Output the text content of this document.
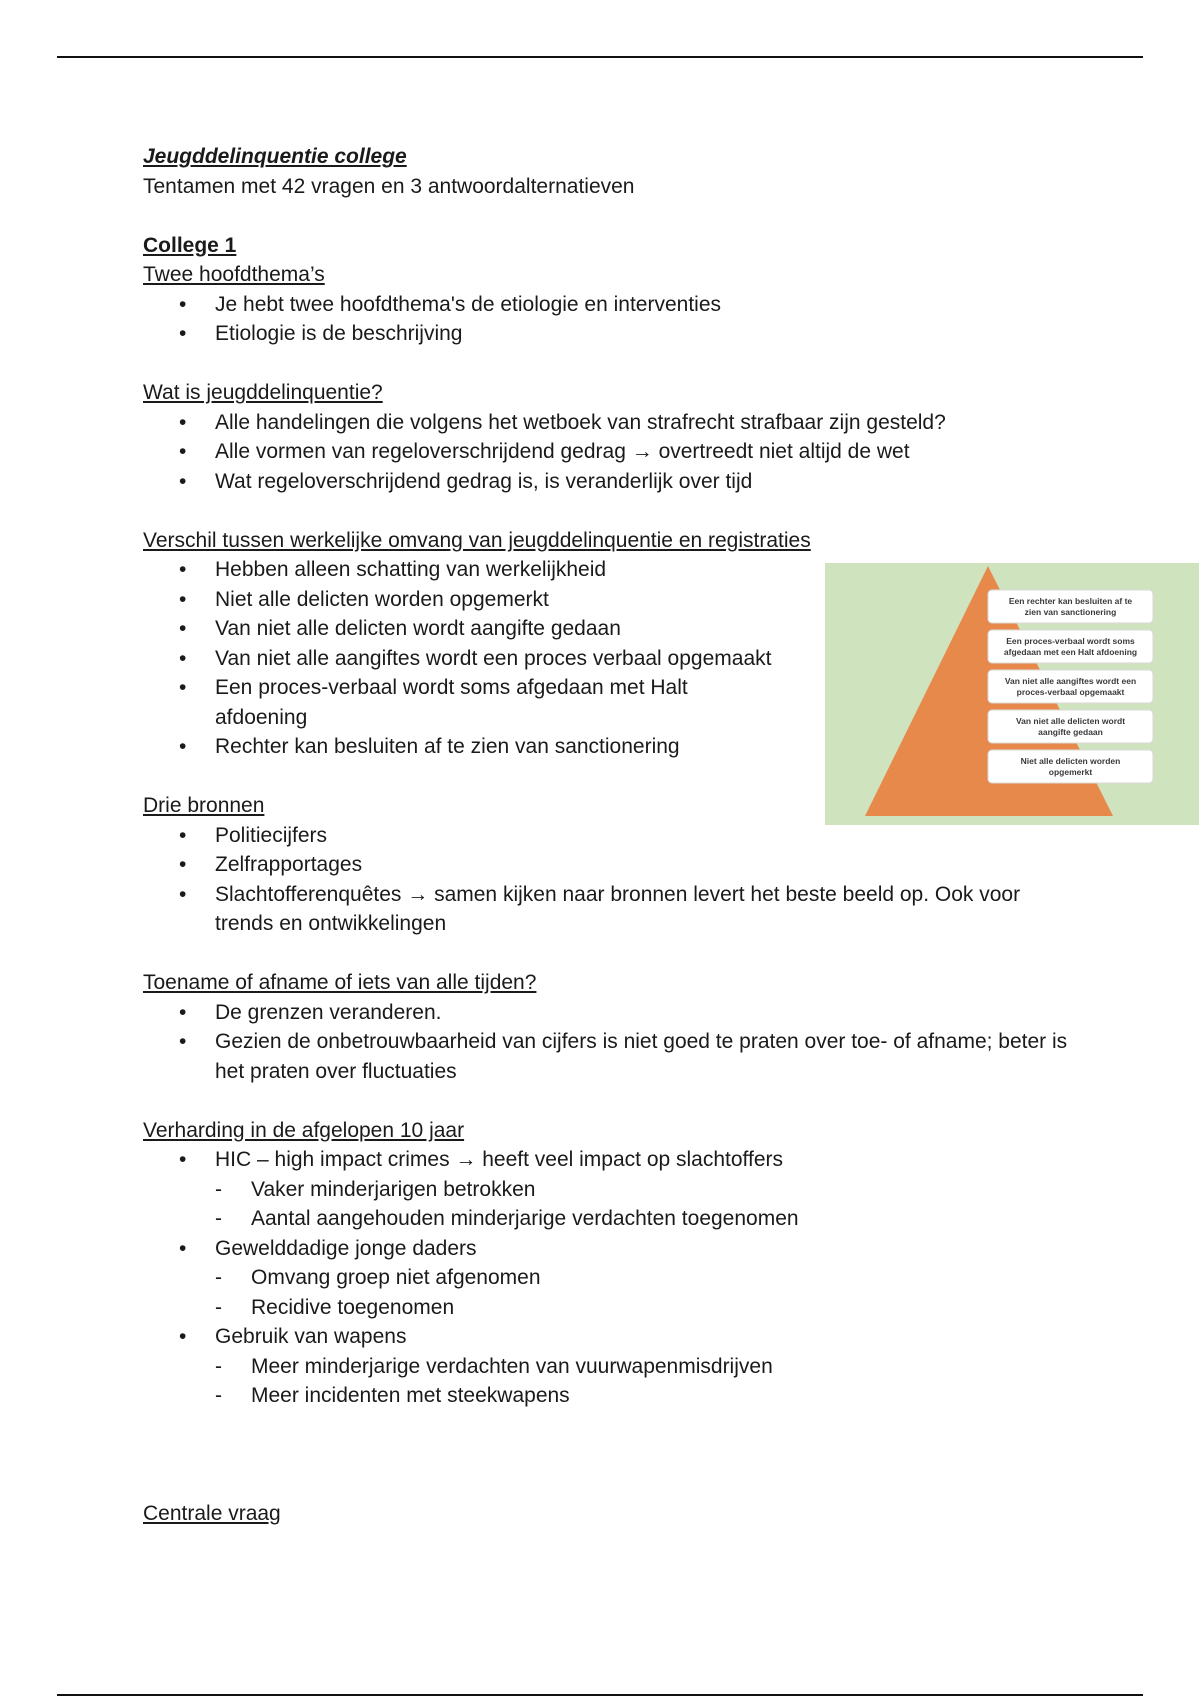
Jeugddelinquentie college

Tentamen met 42 vragen en 3 antwoordalternatieven

College 1

Twee hoofdthema’s

• Je hebt twee hoofdthema's de etiologie en interventies
• Etiologie is de beschrijving

Wat is jeugddelinquentie?

• Alle handelingen die volgens het wetboek van strafrecht strafbaar zijn gesteld?
• Alle vormen van regeloverschrijdend gedrag → overtreedt niet altijd de wet
• Wat regeloverschrijdend gedrag is, is veranderlijk over tijd

Verschil tussen werkelijke omvang van jeugddelinquentie en registraties

• Hebben alleen schatting van werkelijkheid
• Niet alle delicten worden opgemerkt
• Van niet alle delicten wordt aangifte gedaan
• Van niet alle aangiftes wordt een proces verbaal opgemaakt
• Een proces-verbaal wordt soms afgedaan met Halt afdoening
• Rechter kan besluiten af te zien van sanctionering

Drie bronnen

• Politiecijfers
• Zelfrapportages
• Slachtofferenquêtes → samen kijken naar bronnen levert het beste beeld op. Ook voor trends en ontwikkelingen

Toename of afname of iets van alle tijden?

• De grenzen veranderen.
• Gezien de onbetrouwbaarheid van cijfers is niet goed te praten over toe- of afname; beter is het praten over fluctuaties

Verharding in de afgelopen 10 jaar

• HIC – high impact crimes → heeft veel impact op slachtoffers
- Vaker minderjarigen betrokken
- Aantal aangehouden minderjarige verdachten toegenomen
• Gewelddadige jonge daders
- Omvang groep niet afgenomen
- Recidive toegenomen
• Gebruik van wapens
- Meer minderjarige verdachten van vuurwapenmisdrijven
- Meer incidenten met steekwapens

Centrale vraag

Een rechter kan besluiten af te
zien van sanctionering
Een proces-verbaal wordt soms
afgedaan met een Halt afdoening
Van niet alle aangiftes wordt een
proces-verbaal opgemaakt
Van niet alle delicten wordt
aangifte gedaan
Niet alle delicten worden
opgemerkt
